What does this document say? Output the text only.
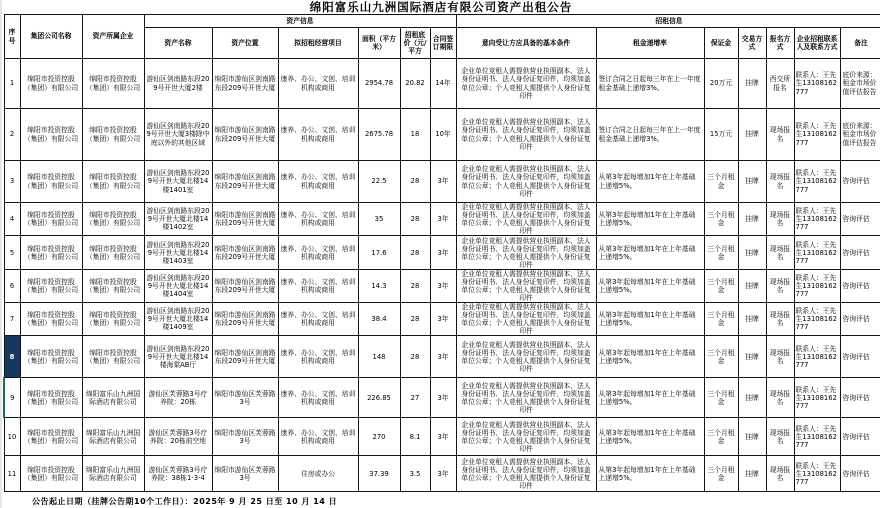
绵阳富乐山九洲国际酒店有限公司资产出租公告
序号	集团公司名称	资产所属企业	资产信息						招租信息						
			资产名称	资产位置	拟招租经营项目	面积（平方米）	招租底价（元/平方	合同签订期限	意向受让方应具备的基本条件	租金递增率	保证金	交易方式	报名方式	企业招租联系人及联系方式	备注
1	绵阳市投资控股（集团）有限公司	绵阳市投资控股（集团）有限公司	游仙区剑南路东段209号开世大厦2楼	绵阳市游仙区剑南路东段209号开世大厦	康养、办公、文创、培训机构或商用	2954.78	20.82	14年	企业单位竞租人需提供营业执照副本、法人身份证明书、法人身份证复印件，均须加盖单位公章；个人竞租人需提供个人身份证复印件	签订合同之日起每三年在上一年度租金基础上递增3%。	20万元	挂牌	西交所报名	联系人：王先生13108162777	底价来源：租金市场价值评估报告
2	绵阳市投资控股（集团）有限公司	绵阳市投资控股（集团）有限公司	游仙区剑南路东段209号开世大厦3楼除中庭以外的其他区域	绵阳市游仙区剑南路东段209号开世大厦	康养、办公、文创、培训机构或商用	2675.78	18	10年	企业单位竞租人需提供营业执照副本、法人身份证明书、法人身份证复印件，均须加盖单位公章；个人竞租人需提供个人身份证复印件	签订合同之日起每三年在上一年度租金基础上递增3%。	15万元	挂牌	现场报名	联系人：王先生13108162777	底价来源：租金市场价值评估报告
3	绵阳市投资控股（集团）有限公司	绵阳市投资控股（集团）有限公司	游仙区剑南路东段209号开世大厦北楼14楼1401室	绵阳市游仙区剑南路东段209号开世大厦	康养、办公、文创、培训机构或商用	22.5	28	3年	企业单位竞租人需提供营业执照副本、法人身份证明书、法人身份证复印件，均须加盖单位公章；个人竞租人需提供个人身份证复印件	从第3年起每增加1年在上年基础上递增5%。	三个月租金	挂牌	现场报名	联系人：王先生13108162777	咨询评估
4	绵阳市投资控股（集团）有限公司	绵阳市投资控股（集团）有限公司	游仙区剑南路东段209号开世大厦北楼14楼1402室	绵阳市游仙区剑南路东段209号开世大厦	康养、办公、文创、培训机构或商用	35	28	3年	企业单位竞租人需提供营业执照副本、法人身份证明书、法人身份证复印件，均须加盖单位公章；个人竞租人需提供个人身份证复印件	从第3年起每增加1年在上年基础上递增5%。	三个月租金	挂牌	现场报名	联系人：王先生13108162777	咨询评估
5	绵阳市投资控股（集团）有限公司	绵阳市投资控股（集团）有限公司	游仙区剑南路东段209号开世大厦北楼14楼1403室	绵阳市游仙区剑南路东段209号开世大厦	康养、办公、文创、培训机构或商用	17.6	28	3年	企业单位竞租人需提供营业执照副本、法人身份证明书、法人身份证复印件，均须加盖单位公章；个人竞租人需提供个人身份证复印件	从第3年起每增加1年在上年基础上递增5%。	三个月租金	挂牌	现场报名	联系人：王先生13108162777	咨询评估
6	绵阳市投资控股（集团）有限公司	绵阳市投资控股（集团）有限公司	游仙区剑南路东段209号开世大厦北楼14楼1404室	绵阳市游仙区剑南路东段209号开世大厦	康养、办公、文创、培训机构或商用	14.3	28	3年	企业单位竞租人需提供营业执照副本、法人身份证明书、法人身份证复印件，均须加盖单位公章；个人竞租人需提供个人身份证复印件	从第3年起每增加1年在上年基础上递增5%。	三个月租金	挂牌	现场报名	联系人：王先生13108162777	咨询评估
7	绵阳市投资控股（集团）有限公司	绵阳市投资控股（集团）有限公司	游仙区剑南路东段209号开世大厦北楼14楼1409室	绵阳市游仙区剑南路东段209号开世大厦	康养、办公、文创、培训机构或商用	38.4	28	3年	企业单位竞租人需提供营业执照副本、法人身份证明书、法人身份证复印件，均须加盖单位公章；个人竞租人需提供个人身份证复印件	从第3年起每增加1年在上年基础上递增5%。	三个月租金	挂牌	现场报名	联系人：王先生13108162777	咨询评估
8	绵阳市投资控股（集团）有限公司	绵阳市投资控股（集团）有限公司	游仙区剑南路东段209号开世大厦北楼14楼海棠AB厅	绵阳市游仙区剑南路东段209号开世大厦	康养、办公、文创、培训机构或商用	148	28	3年	企业单位竞租人需提供营业执照副本、法人身份证明书、法人身份证复印件，均须加盖单位公章；个人竞租人需提供个人身份证复印件	从第3年起每增加1年在上年基础上递增5%。	三个月租金	挂牌	现场报名	联系人：王先生13108162777	咨询评估
9	绵阳市投资控股（集团）有限公司	绵阳富乐山九洲国际酒店有限公司	游仙区芙蓉路3号疗养院：20栋	绵阳市游仙区芙蓉路3号	康养、办公、文创、培训机构或商用	226.85	27	3年	企业单位竞租人需提供营业执照副本、法人身份证明书、法人身份证复印件，均须加盖单位公章；个人竞租人需提供个人身份证复印件	从第3年起每增加1年在上年基础上递增5%。	三个月租金	挂牌	现场报名	联系人：王先生13108162777	咨询评估
10	绵阳市投资控股（集团）有限公司	绵阳富乐山九洲国际酒店有限公司	游仙区芙蓉路3号疗养院：20栋前空地	绵阳市游仙区芙蓉路3号	康养、办公、文创、培训机构或商用	270	8.1	3年	企业单位竞租人需提供营业执照副本、法人身份证明书、法人身份证复印件，均须加盖单位公章；个人竞租人需提供个人身份证复印件	从第3年起每增加1年在上年基础上递增5%。	三个月租金	挂牌	现场报名	联系人：王先生13108162777	咨询评估
11	绵阳市投资控股（集团）有限公司	绵阳富乐山九洲国际酒店有限公司	游仙区芙蓉路3号疗养院：38栋1-3-4	绵阳市游仙区芙蓉路3号	住房或办公	37.39	3.5	3年	企业单位竞租人需提供营业执照副本、法人身份证明书、法人身份证复印件，均须加盖单位公章；个人竞租人需提供个人身份证复印件	从第3年起每增加1年在上年基础上递增5%。	三个月租金	挂牌	现场报名	联系人：王先生13108162777	咨询评估
公告起止日期（挂牌公告期10个工作日）：2025年 9 月 25 日至 10 月 14 日
